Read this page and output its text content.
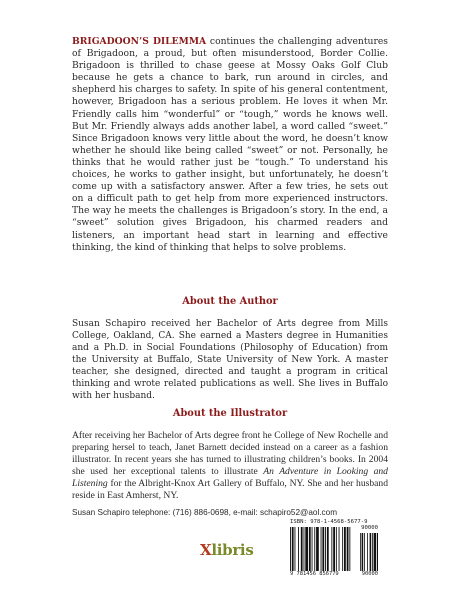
BRIGADOON’S DILEMMA continues the challenging adventures of Brigadoon, a proud, but often misunderstood, Border Collie. Brigadoon is thrilled to chase geese at Mossy Oaks Golf Club because he gets a chance to bark, run around in circles, and shepherd his charges to safety. In spite of his general contentment, however, Brigadoon has a serious problem. He loves it when Mr. Friendly calls him “wonderful” or “tough,” words he knows well. But Mr. Friendly always adds another label, a word called “sweet.” Since Brigadoon knows very little about the word, he doesn’t know whether he should like being called “sweet” or not. Personally, he thinks that he would rather just be “tough.” To understand his choices, he works to gather insight, but unfortunately, he doesn’t come up with a satisfactory answer. After a few tries, he sets out on a difficult path to get help from more experienced instructors. The way he meets the challenges is Brigadoon’s story. In the end, a “sweet” solution gives Brigadoon, his charmed readers and listeners, an important head start in learning and effective thinking, the kind of thinking that helps to solve problems.

About the Author

Susan Schapiro received her Bachelor of Arts degree from Mills College, Oakland, CA. She earned a Masters degree in Humanities and a Ph.D. in Social Foundations (Philosophy of Education) from the University at Buffalo, State University of New York. A master teacher, she designed, directed and taught a program in critical thinking and wrote related publications as well. She lives in Buffalo with her husband.

About the Illustrator

After receiving her Bachelor of Arts degree front he College of New Rochelle and preparing hersel to teach, Janet Barnett decided instead on a career as a fashion illustrator. In recent years she has turned to illustrating children’s books. In 2004 she used her exceptional talents to illustrate An Adventure in Looking and Listening for the Albright-Knox Art Gallery of Buffalo, NY. She and her husband reside in East Amherst, NY.

Susan Schapiro telephone: (716) 886-0698, e-mail: schapiro52@aol.com

Xlibris
ISBN: 978-1-4568-5677-9
90000
9 781456 856779	90000
